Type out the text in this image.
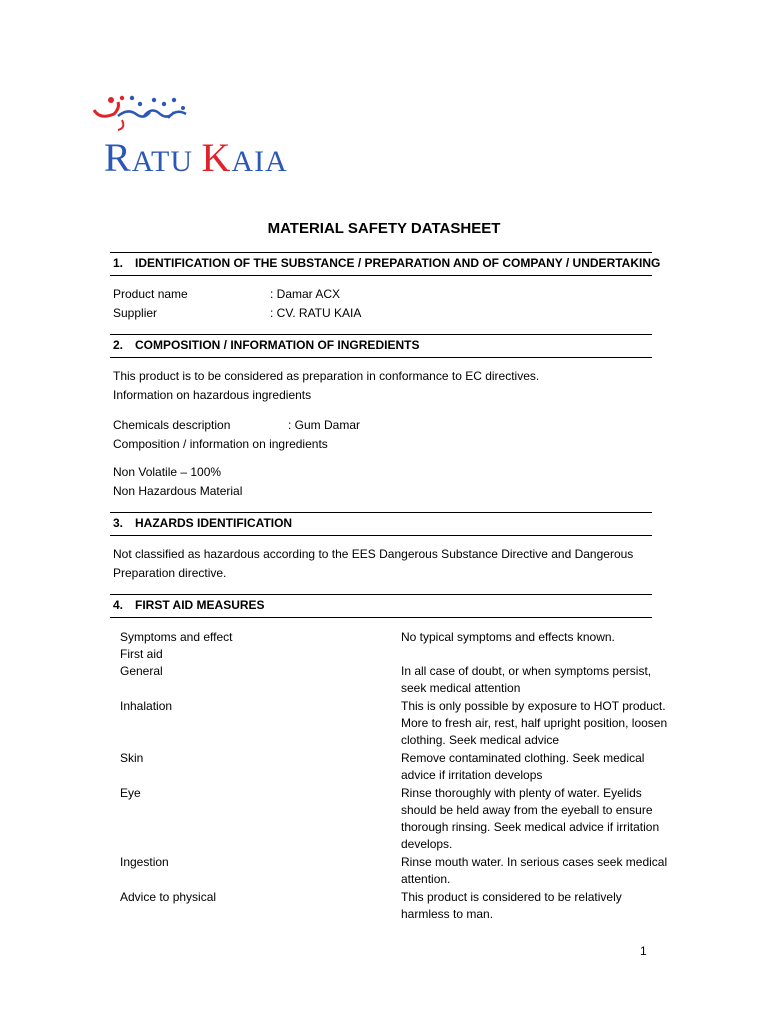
RATU KAIA
MATERIAL SAFETY DATASHEET
1. IDENTIFICATION OF THE SUBSTANCE / PREPARATION AND OF COMPANY / UNDERTAKING
Product name	: Damar ACX
Supplier	: CV. RATU KAIA
2. COMPOSITION / INFORMATION OF INGREDIENTS
This product is to be considered as preparation in conformance to EC directives.
Information on hazardous ingredients
Chemicals description	: Gum Damar
Composition / information on ingredients
Non Volatile – 100%
Non Hazardous Material
3. HAZARDS IDENTIFICATION
Not classified as hazardous according to the EES Dangerous Substance Directive and Dangerous
Preparation directive.
4. FIRST AID MEASURES
Symptoms and effect	No typical symptoms and effects known.
First aid
General	In all case of doubt, or when symptoms persist, seek medical attention
Inhalation	This is only possible by exposure to HOT product. More to fresh air, rest, half upright position, loosen clothing. Seek medical advice
Skin	Remove contaminated clothing. Seek medical advice if irritation develops
Eye	Rinse thoroughly with plenty of water. Eyelids should be held away from the eyeball to ensure thorough rinsing. Seek medical advice if irritation develops.
Ingestion	Rinse mouth water. In serious cases seek medical attention.
Advice to physical	This product is considered to be relatively harmless to man.
1
